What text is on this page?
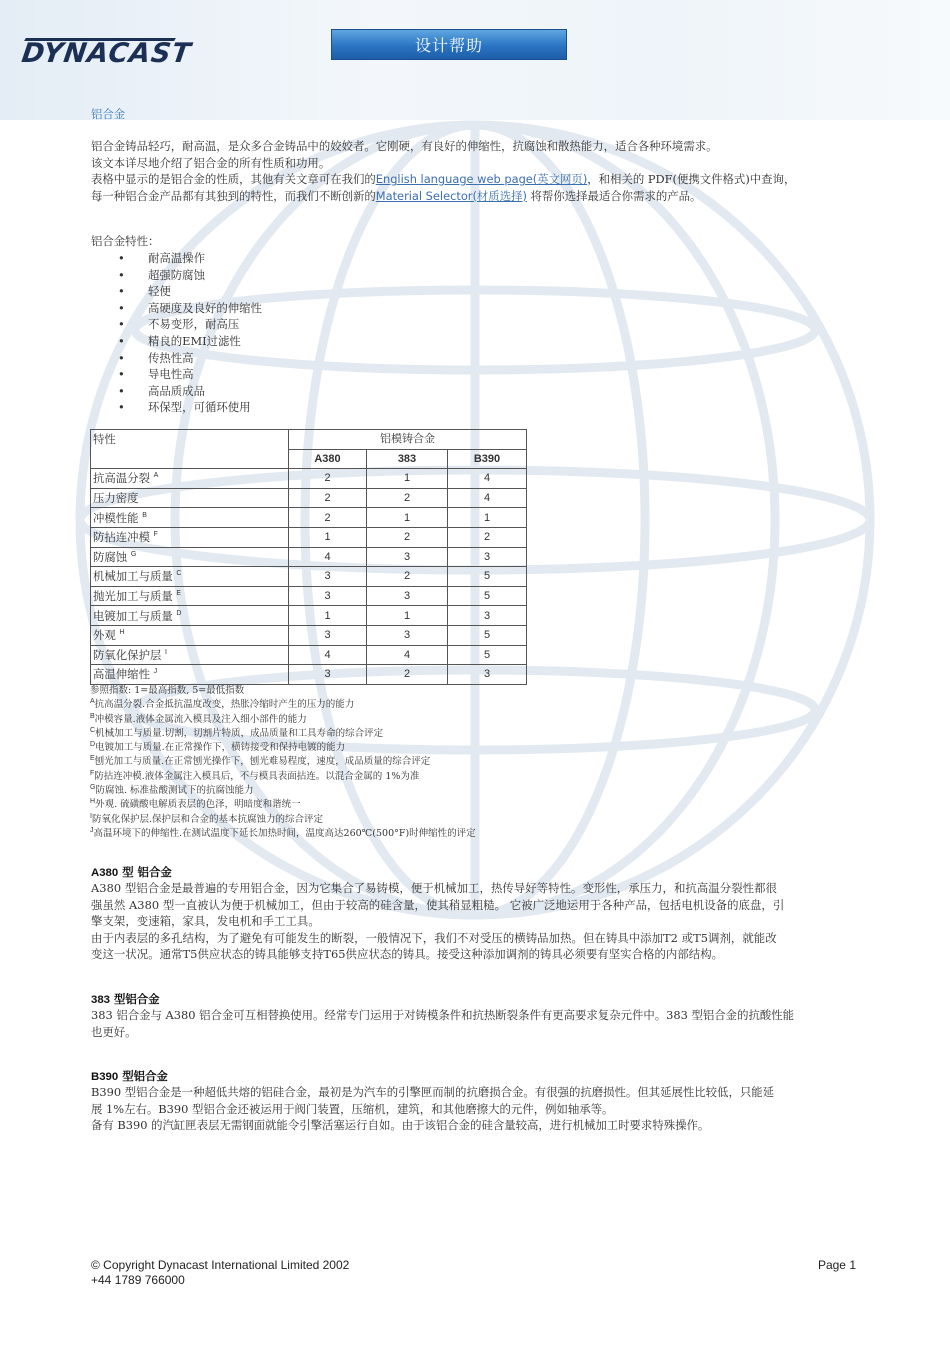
DYNACAST	设计帮助
铝合金
铝合金铸品轻巧，耐高温，是众多合金铸品中的姣姣者。它刚硬，有良好的伸缩性，抗腐蚀和散热能力，适合各种环境需求。
该文本详尽地介绍了铝合金的所有性质和功用。
表格中显示的是铝合金的性质，其他有关文章可在我们的English language web page(英文网页)，和相关的 PDF(便携文件格式)中查询，
每一种铝合金产品都有其独到的特性，而我们不断创新的Material Selector(材质选择) 将帮你选择最适合你需求的产品。
铝合金特性：
• 耐高温操作
• 超强防腐蚀
• 轻便
• 高硬度及良好的伸缩性
• 不易变形，耐高压
• 精良的EMI过滤性
• 传热性高
• 导电性高
• 高品质成品
• 环保型，可循环使用
特性	铝模铸合金		
	A380	383	B390
抗高温分裂 $^A$	2	1	4
压力密度	2	2	4
冲模性能 $^B$	2	1	1
防拈连冲模 $^F$	1	2	2
防腐蚀 $^G$	4	3	3
机械加工与质量 $^C$	3	2	5
抛光加工与质量 $^E$	3	3	5
电镀加工与质量 $^D$	1	1	3
外观 $^H$	3	3	5
防氧化保护层 $^I$	4	4	5
高温伸缩性 $^J$	3	2	3
参照指数: 1=最高指数, 5=最低指数
$^A$抗高温分裂.合金抵抗温度改变，热胀冷缩时产生的压力的能力
$^B$冲模容量.液体金属流入模具及注入细小部件的能力
$^C$机械加工与质量.切割，切割片特质，成品质量和工具寿命的综合评定
$^D$电镀加工与质量.在正常操作下，横铸接受和保持电镀的能力
$^E$刨光加工与质量.在正常刨光操作下，刨光难易程度，速度，成品质量的综合评定
$^F$防拈连冲模.液体金属注入模具后，不与模具表面拈连。以混合金属的 1%为准
$^G$防腐蚀. 标准盐酸测试下的抗腐蚀能力
$^H$外观. 硫磺酸电解质表层的色泽，明暗度和谐统一
$^I$防氧化保护层.保护层和合金的基本抗腐蚀力的综合评定
$^J$高温环境下的伸缩性.在测试温度下延长加热时间，温度高达260℃(500°F)时伸缩性的评定
A380 型 铝合金
A380 型铝合金是最普遍的专用铝合金，因为它集合了易铸模，便于机械加工，热传导好等特性。变形性，承压力，和抗高温分裂性都很
强虽然 A380 型一直被认为便于机械加工，但由于较高的硅含量，使其稍显粗糙。 它被广泛地运用于各种产品，包括电机设备的底盘，引
擎支架，变速箱，家具，发电机和手工工具。
由于内表层的多孔结构，为了避免有可能发生的断裂，一般情况下，我们不对受压的横铸品加热。但在铸具中添加T2 或T5调剂，就能改
变这一状况。通常T5供应状态的铸具能够支持T65供应状态的铸具。接受这种添加调剂的铸具必须要有坚实合格的内部结构。
383 型铝合金
383 铝合金与 A380 铝合金可互相替换使用。经常专门运用于对铸模条件和抗热断裂条件有更高要求复杂元件中。383 型铝合金的抗酸性能
也更好。
B390 型铝合金
B390 型铝合金是一种超低共熔的铝硅合金，最初是为汽车的引擎匣而制的抗磨损合金。有很强的抗磨损性。但其延展性比较低，只能延
展 1%左右。B390 型铝合金还被运用于阀门装置，压缩机，建筑，和其他磨擦大的元件，例如轴承等。
备有 B390 的汽缸匣表层无需钢面就能令引擎活塞运行自如。由于该铝合金的硅含量较高，进行机械加工时要求特殊操作。
© Copyright Dynacast International Limited 2002
+44 1789 766000
Page 1
